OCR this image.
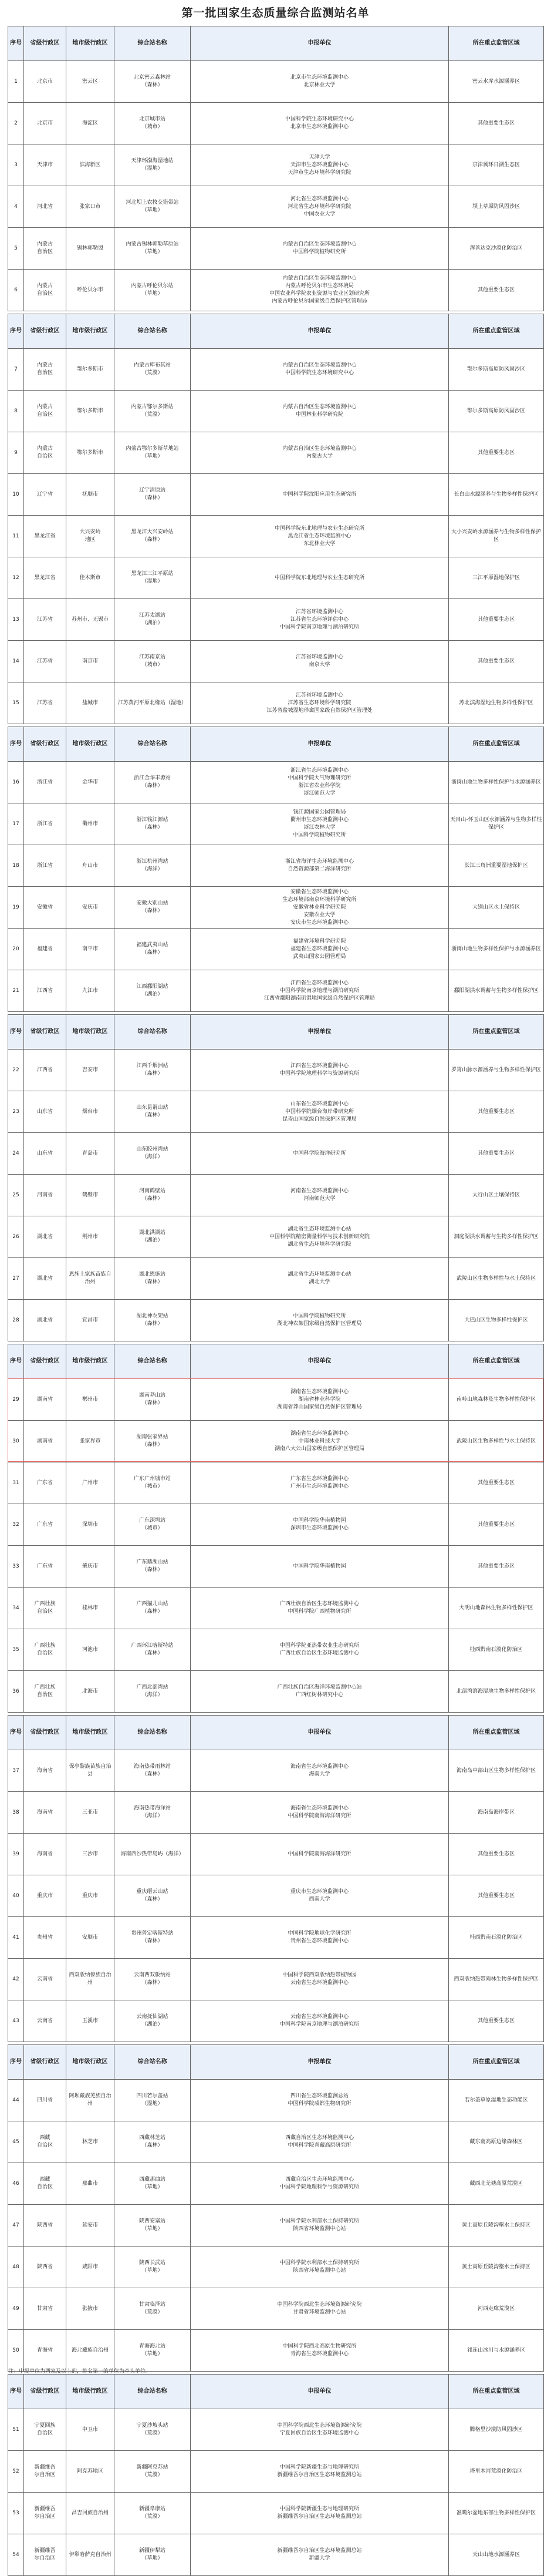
第一批国家生态质量综合监测站名单
序号	省级行政区	地市级行政区	综合站名称	申报单位	所在重点监管区域
1	北京市	密云区	北京密云森林站
（森林）	北京市生态环境监测中心
北京林业大学	密云水库水源涵养区
2	北京市	海淀区	北京城市站
（城市）	中国科学院生态环境研究中心
北京市生态环境监测中心	其他重要生态区
3	天津市	滨海新区	天津环渤海湿地站
（湿地）	天津大学
天津市生态环境监测中心
天津市生态环境科学研究院	京津冀环日湖生态区
4	河北省	张家口市	河北坝上农牧交错带站
（草地）	河北省生态环境监测中心
河北省生态环境科学研究院
中国农业大学	坝上草原防风固沙区
5	内蒙古
自治区	锡林郭勒盟	内蒙古锡林郭勒草原站
（草地）	内蒙古自治区生态环境监测中心
中国科学院植物研究所	浑善达克沙漠化防治区
6	内蒙古
自治区	呼伦贝尔市	内蒙古呼伦贝尔站
（草地）	内蒙古自治区生态环境监测中心
内蒙古呼伦贝尔市生态环境局
中国农业科学院农业资源与农业区划研究所
内蒙古呼伦贝尔国家级自然保护区管理局	其他重要生态区

序号	省级行政区	地市级行政区	综合站名称	申报单位	所在重点监管区域
7	内蒙古
自治区	鄂尔多斯市	内蒙古库布其站
（荒漠）	内蒙古自治区生态环境监测中心
中国科学院生态环境研究中心	鄂尔多斯高原防风固沙区
8	内蒙古
自治区	鄂尔多斯市	内蒙古鄂尔多斯站
（荒漠）	内蒙古自治区生态环境监测中心
中国林业科学研究院	鄂尔多斯高原防风固沙区
9	内蒙古
自治区	鄂尔多斯市	内蒙古鄂尔多斯草地站
（草地）	内蒙古自治区生态环境监测中心
内蒙古大学	其他重要生态区
10	辽宁省	抚顺市	辽宁清原站
（森林）	中国科学院沈阳应用生态研究所	长白山水源涵养与生物多样性保护区
11	黑龙江省	大兴安岭
地区	黑龙江大兴安岭站
（森林）	中国科学院东北地理与农业生态研究所
黑龙江省生态环境监测中心
东北林业大学	大小兴安岭水源涵养与生物多样性保护区
12	黑龙江省	佳木斯市	黑龙江三江平原站
（湿地）	中国科学院东北地理与农业生态研究所	三江平原湿地保护区
13	江苏省	苏州市、无锡市	江苏太湖站
（湖泊）	江苏省环境监测中心
江苏省生态环境评估中心
中国科学院南京地理与湖泊研究所	其他重要生态区
14	江苏省	南京市	江苏南京站
（城市）	江苏省环境监测中心
南京大学	其他重要生态区
15	江苏省	盐城市	江苏黄河平原北缘站（湿地）	江苏省环境监测中心
江苏省生态环境科学研究院
江苏省盐城湿地珍禽国家级自然保护区管理处	苏北滨海湿地生物多样性保护区

序号	省级行政区	地市级行政区	综合站名称	申报单位	所在重点监管区域
16	浙江省	金华市	浙江金华丰源站
（森林）	浙江省生态环境监测中心
中国科学院大气物理研究所
浙江省农业科学院
浙江师范大学	浙闽山地生物多样性保护与水源涵养区
17	浙江省	衢州市	浙江钱江源站
（森林）	钱江源国家公园管理局
衢州市生态环境监测中心
浙江农林大学
中国科学院植物研究所	天目山-怀玉山区水源涵养与生物多样性保护区
18	浙江省	舟山市	浙江杭州湾站
（海洋）	浙江省海洋生态环境监测中心
自然资源部第二海洋研究所	长江三角洲重要湿地保护区
19	安徽省	安庆市	安徽大别山站
（森林）	安徽省生态环境监测中心
生态环境部南京环境科学研究所
安徽省林业科学研究院
安徽农业大学
安庆市生态环境监测中心	大别山区水土保持区
20	福建省	南平市	福建武夷山站
（森林）	福建省环境科学研究院
福建省生态环境监测中心
武夷山国家公园管理局	浙闽山地生物多样性保护与水源涵养区
21	江西省	九江市	江西鄱阳湖站
（湖泊）	江西省生态环境监测中心
中国科学院南京地理与湖泊研究所
江西省鄱阳湖南矶湿地国家级自然保护区管理局	鄱阳湖洪水调蓄与生物多样性保护区

序号	省级行政区	地市级行政区	综合站名称	申报单位	所在重点监管区域
22	江西省	吉安市	江西千烟洲站
（森林）	江西省生态环境监测中心
中国科学院地理科学与资源研究所	罗霄山脉水源涵养与生物多样性保护区
23	山东省	烟台市	山东昆嵛山站
（森林）	山东省生态环境监测中心
中国科学院烟台海岸带研究所
昆嵛山国家级自然保护区管理局	其他重要生态区
24	山东省	青岛市	山东胶州湾站
（海洋）	中国科学院海洋研究所	其他重要生态区
25	河南省	鹤壁市	河南鹤壁站
（森林）	河南省生态环境监测中心
河南师范大学	太行山区土壤保持区
26	湖北省	荆州市	湖北洪湖站
（湖泊）	湖北省生态环境监测中心站
中国科学院精密测量科学与技术创新研究院
湖北省生态环境科学研究院	洞庭湖洪水调蓄与生物多样性保护区
27	湖北省	恩施土家族苗族自治州	湖北恩施站
（森林）	湖北省生态环境监测中心站
湖北大学	武陵山区生物多样性与水土保持区
28	湖北省	宜昌市	湖北神农架站
（森林）	中国科学院植物研究所
湖北神农架国家级自然保护区管理局	大巴山区生物多样性保护区

序号	省级行政区	地市级行政区	综合站名称	申报单位	所在重点监管区域
29	湖南省	郴州市	湖南莽山站
（森林）	湖南省生态环境监测中心
湖南省林业科学院
湖南省莽山国家级自然保护区管理局	南岭山地森林及生物多样性保护区
30	湖南省	张家界市	湖南张家界站
（森林）	湖南省生态环境监测中心
中南林业科技大学
湖南八大公山国家级自然保护区管理局	武陵山区生物多样性与水土保持区
31	广东省	广州市	广东广州城市站
（城市）	广东省生态环境监测中心
广州市生态环境监测中心	其他重要生态区
32	广东省	深圳市	广东深圳站
（城市）	中国科学院华南植物园
深圳市生态环境监测中心	其他重要生态区
33	广东省	肇庆市	广东鼎湖山站
（森林）	中国科学院华南植物园	其他重要生态区
34	广西壮族
自治区	桂林市	广西猫儿山站
（森林）	广西壮族自治区生态环境监测中心
中国科学院广西植物研究所	大明山地森林生物多样性保护区
35	广西壮族
自治区	河池市	广西环江喀斯特站
（森林）	中国科学院亚热带农业生态研究所
广西壮族自治区生态环境监测中心	桂西黔南石漠化防治区
36	广西壮族
自治区	北海市	广西北部湾站
（海洋）	广西壮族自治区海洋环境监测中心站
广西红树林研究中心	北部湾滨海湿地生物多样性保护区

序号	省级行政区	地市级行政区	综合站名称	申报单位	所在重点监管区域
37	海南省	保亭黎族苗族自治县	海南热带雨林站
（森林）	海南省生态环境监测中心
海南大学	海南岛中部山区生物多样性保护区
38	海南省	三亚市	海南热带海洋站
（海洋）	海南省生态环境监测中心
中国科学院南海海洋研究所	海南岛海岸带区
39	海南省	三沙市	海南西沙热带岛屿（海洋）	中国科学院南海海洋研究所	其他重要生态区
40	重庆市	重庆市	重庆缙云山站
（森林）	重庆市生态环境监测中心
西南大学	其他重要生态区
41	贵州省	安顺市	贵州普定喀斯特站
（森林）	中国科学院地球化学研究所
贵州省生态环境监测中心	桂西黔南石漠化防治区
42	云南省	西双版纳傣族自治州	云南西双版纳站
（森林）	中国科学院西双版纳热带植物园
云南省生态环境监测中心	西双版纳热带雨林生物多样性保护区
43	云南省	玉溪市	云南抚仙湖站
（湖泊）	云南省生态环境监测中心
中国科学院南京地理与湖泊研究所	其他重要生态区

序号	省级行政区	地市级行政区	综合站名称	申报单位	所在重点监管区域
44	四川省	阿坝藏族羌族自治州	四川若尔盖站
（湿地）	四川省生态环境监测总站
中国科学院成都生物研究所	若尔盖草原湿地生态功能区
45	西藏
自治区	林芝市	西藏林芝站
（森林）	西藏自治区生态环境监测中心
中国科学院青藏高原研究所	藏东南高原边缘森林区
46	西藏
自治区	那曲市	西藏那曲站
（草地）	西藏自治区生态环境监测中心
中国科学院地理科学与资源研究所	藏西北羌塘高原荒漠区
47	陕西省	延安市	陕西安塞站
（草地）	中国科学院水利部水土保持研究所
陕西省环境监测中心站	黄土高原丘陵沟壑水土保持区
48	陕西省	咸阳市	陕西长武站
（草地）	中国科学院水利部水土保持研究所
陕西省环境监测中心站	黄土高原丘陵沟壑水土保持区
49	甘肃省	张掖市	甘肃临泽站
（荒漠）	中国科学院西北生态环境资源研究院
甘肃省环境监测中心站	河西走廊荒漠区
50	青海省	海北藏族自治州	青海海北站
（草地）	中国科学院西北高原生物研究所
青海省生态环境监测中心	祁连山冰川与水源涵养区

序号	省级行政区	地市级行政区	综合站名称	申报单位	所在重点监管区域
51	宁夏回族
自治区	中卫市	宁夏沙坡头站
（荒漠）	中国科学院西北生态环境资源研究院
宁夏回族自治区生态环境监测中心	腾格里沙漠防风固沙区
52	新疆维吾
尔自治区	阿克苏地区	新疆阿克苏站
（荒漠）	中国科学院新疆生态与地理研究所
新疆维吾尔自治区生态环境监测总站	塔里木河荒漠化防治区
53	新疆维吾
尔自治区	昌吉回族自治州	新疆阜康站
（荒漠）	中国科学院新疆生态与地理研究所
新疆维吾尔自治区生态环境监测总站	准噶尔盆地东部生物多样性保护区
54	新疆维吾
尔自治区	伊犁哈萨克自治州	新疆伊犁站
（草地）	新疆维吾尔自治区生态环境监测总站
新疆大学	天山山地水源涵养区
注：申报单位为两家及以上的，排名第一的单位为牵头单位。
